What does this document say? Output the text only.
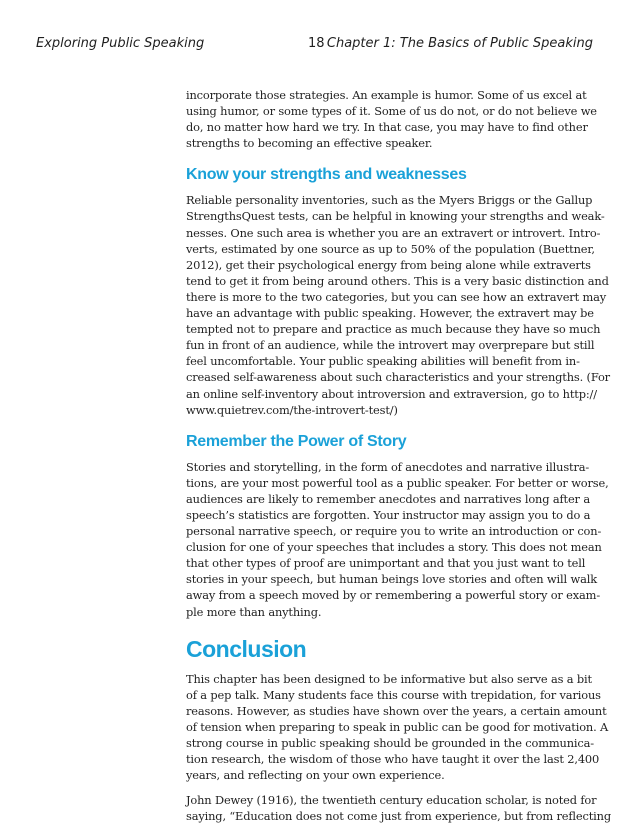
Exploring Public Speaking	18 Chapter 1: The Basics of Public Speaking

incorporate those strategies. An example is humor. Some of us excel at
using humor, or some types of it. Some of us do not, or do not believe we
do, no matter how hard we try. In that case, you may have to find other
strengths to becoming an effective speaker.

Know your strengths and weaknesses

Reliable personality inventories, such as the Myers Briggs or the Gallup
StrengthsQuest tests, can be helpful in knowing your strengths and weak-
nesses. One such area is whether you are an extravert or introvert. Intro-
verts, estimated by one source as up to 50% of the population (Buettner,
2012), get their psychological energy from being alone while extraverts
tend to get it from being around others. This is a very basic distinction and
there is more to the two categories, but you can see how an extravert may
have an advantage with public speaking. However, the extravert may be
tempted not to prepare and practice as much because they have so much
fun in front of an audience, while the introvert may overprepare but still
feel uncomfortable. Your public speaking abilities will benefit from in-
creased self-awareness about such characteristics and your strengths. (For
an online self-inventory about introversion and extraversion, go to http://
www.quietrev.com/the-introvert-test/)

Remember the Power of Story

Stories and storytelling, in the form of anecdotes and narrative illustra-
tions, are your most powerful tool as a public speaker. For better or worse,
audiences are likely to remember anecdotes and narratives long after a
speech’s statistics are forgotten. Your instructor may assign you to do a
personal narrative speech, or require you to write an introduction or con-
clusion for one of your speeches that includes a story. This does not mean
that other types of proof are unimportant and that you just want to tell
stories in your speech, but human beings love stories and often will walk
away from a speech moved by or remembering a powerful story or exam-
ple more than anything.

Conclusion

This chapter has been designed to be informative but also serve as a bit
of a pep talk. Many students face this course with trepidation, for various
reasons. However, as studies have shown over the years, a certain amount
of tension when preparing to speak in public can be good for motivation. A
strong course in public speaking should be grounded in the communica-
tion research, the wisdom of those who have taught it over the last 2,400
years, and reflecting on your own experience.

John Dewey (1916), the twentieth century education scholar, is noted for
saying, “Education does not come just from experience, but from reflecting
